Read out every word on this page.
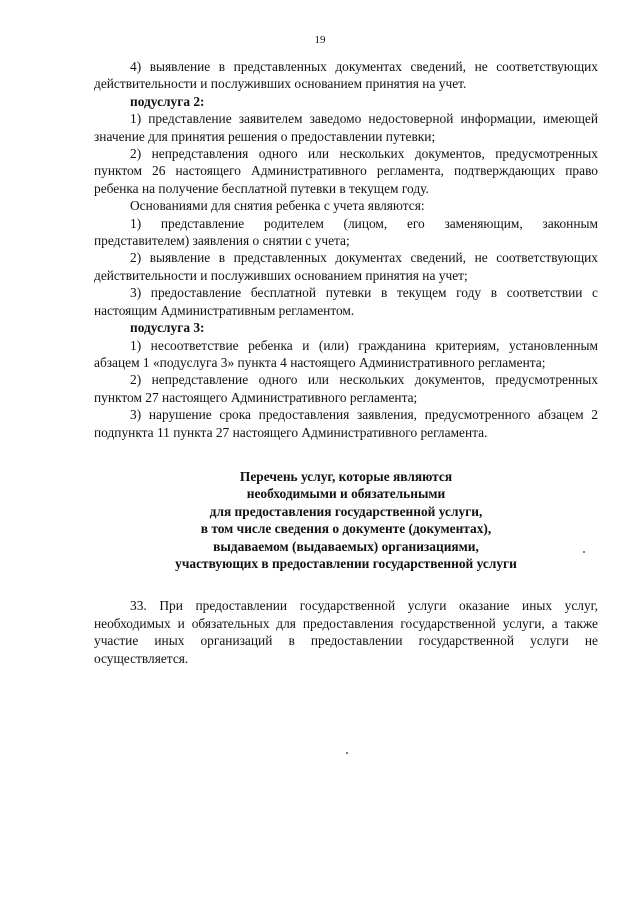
19

4) выявление в представленных документах сведений, не соответствующих действительности и послуживших основанием принятия на учет.

подуслуга 2:

1) представление заявителем заведомо недостоверной информации, имеющей значение для принятия решения о предоставлении путевки;

2) непредставления одного или нескольких документов, предусмотренных пунктом 26 настоящего Административного регламента, подтверждающих право ребенка на получение бесплатной путевки в текущем году.

Основаниями для снятия ребенка с учета являются:

1) представление родителем (лицом, его заменяющим, законным представителем) заявления о снятии с учета;

2) выявление в представленных документах сведений, не соответствующих действительности и послуживших основанием принятия на учет;

3) предоставление бесплатной путевки в текущем году в соответствии с настоящим Административным регламентом.

подуслуга 3:

1) несоответствие ребенка и (или) гражданина критериям, установленным абзацем 1 «подуслуга 3» пункта 4 настоящего Административного регламента;

2) непредставление одного или нескольких документов, предусмотренных пунктом 27 настоящего Административного регламента;

3) нарушение срока предоставления заявления, предусмотренного абзацем 2 подпункта 11 пункта 27 настоящего Административного регламента.

Перечень услуг, которые являются
необходимыми и обязательными
для предоставления государственной услуги,
в том числе сведения о документе (документах),
выдаваемом (выдаваемых) организациями,
участвующих в предоставлении государственной услуги

33. При предоставлении государственной услуги оказание иных услуг, необходимых и обязательных для предоставления государственной услуги, а также участие иных организаций в предоставлении государственной услуги не осуществляется.
